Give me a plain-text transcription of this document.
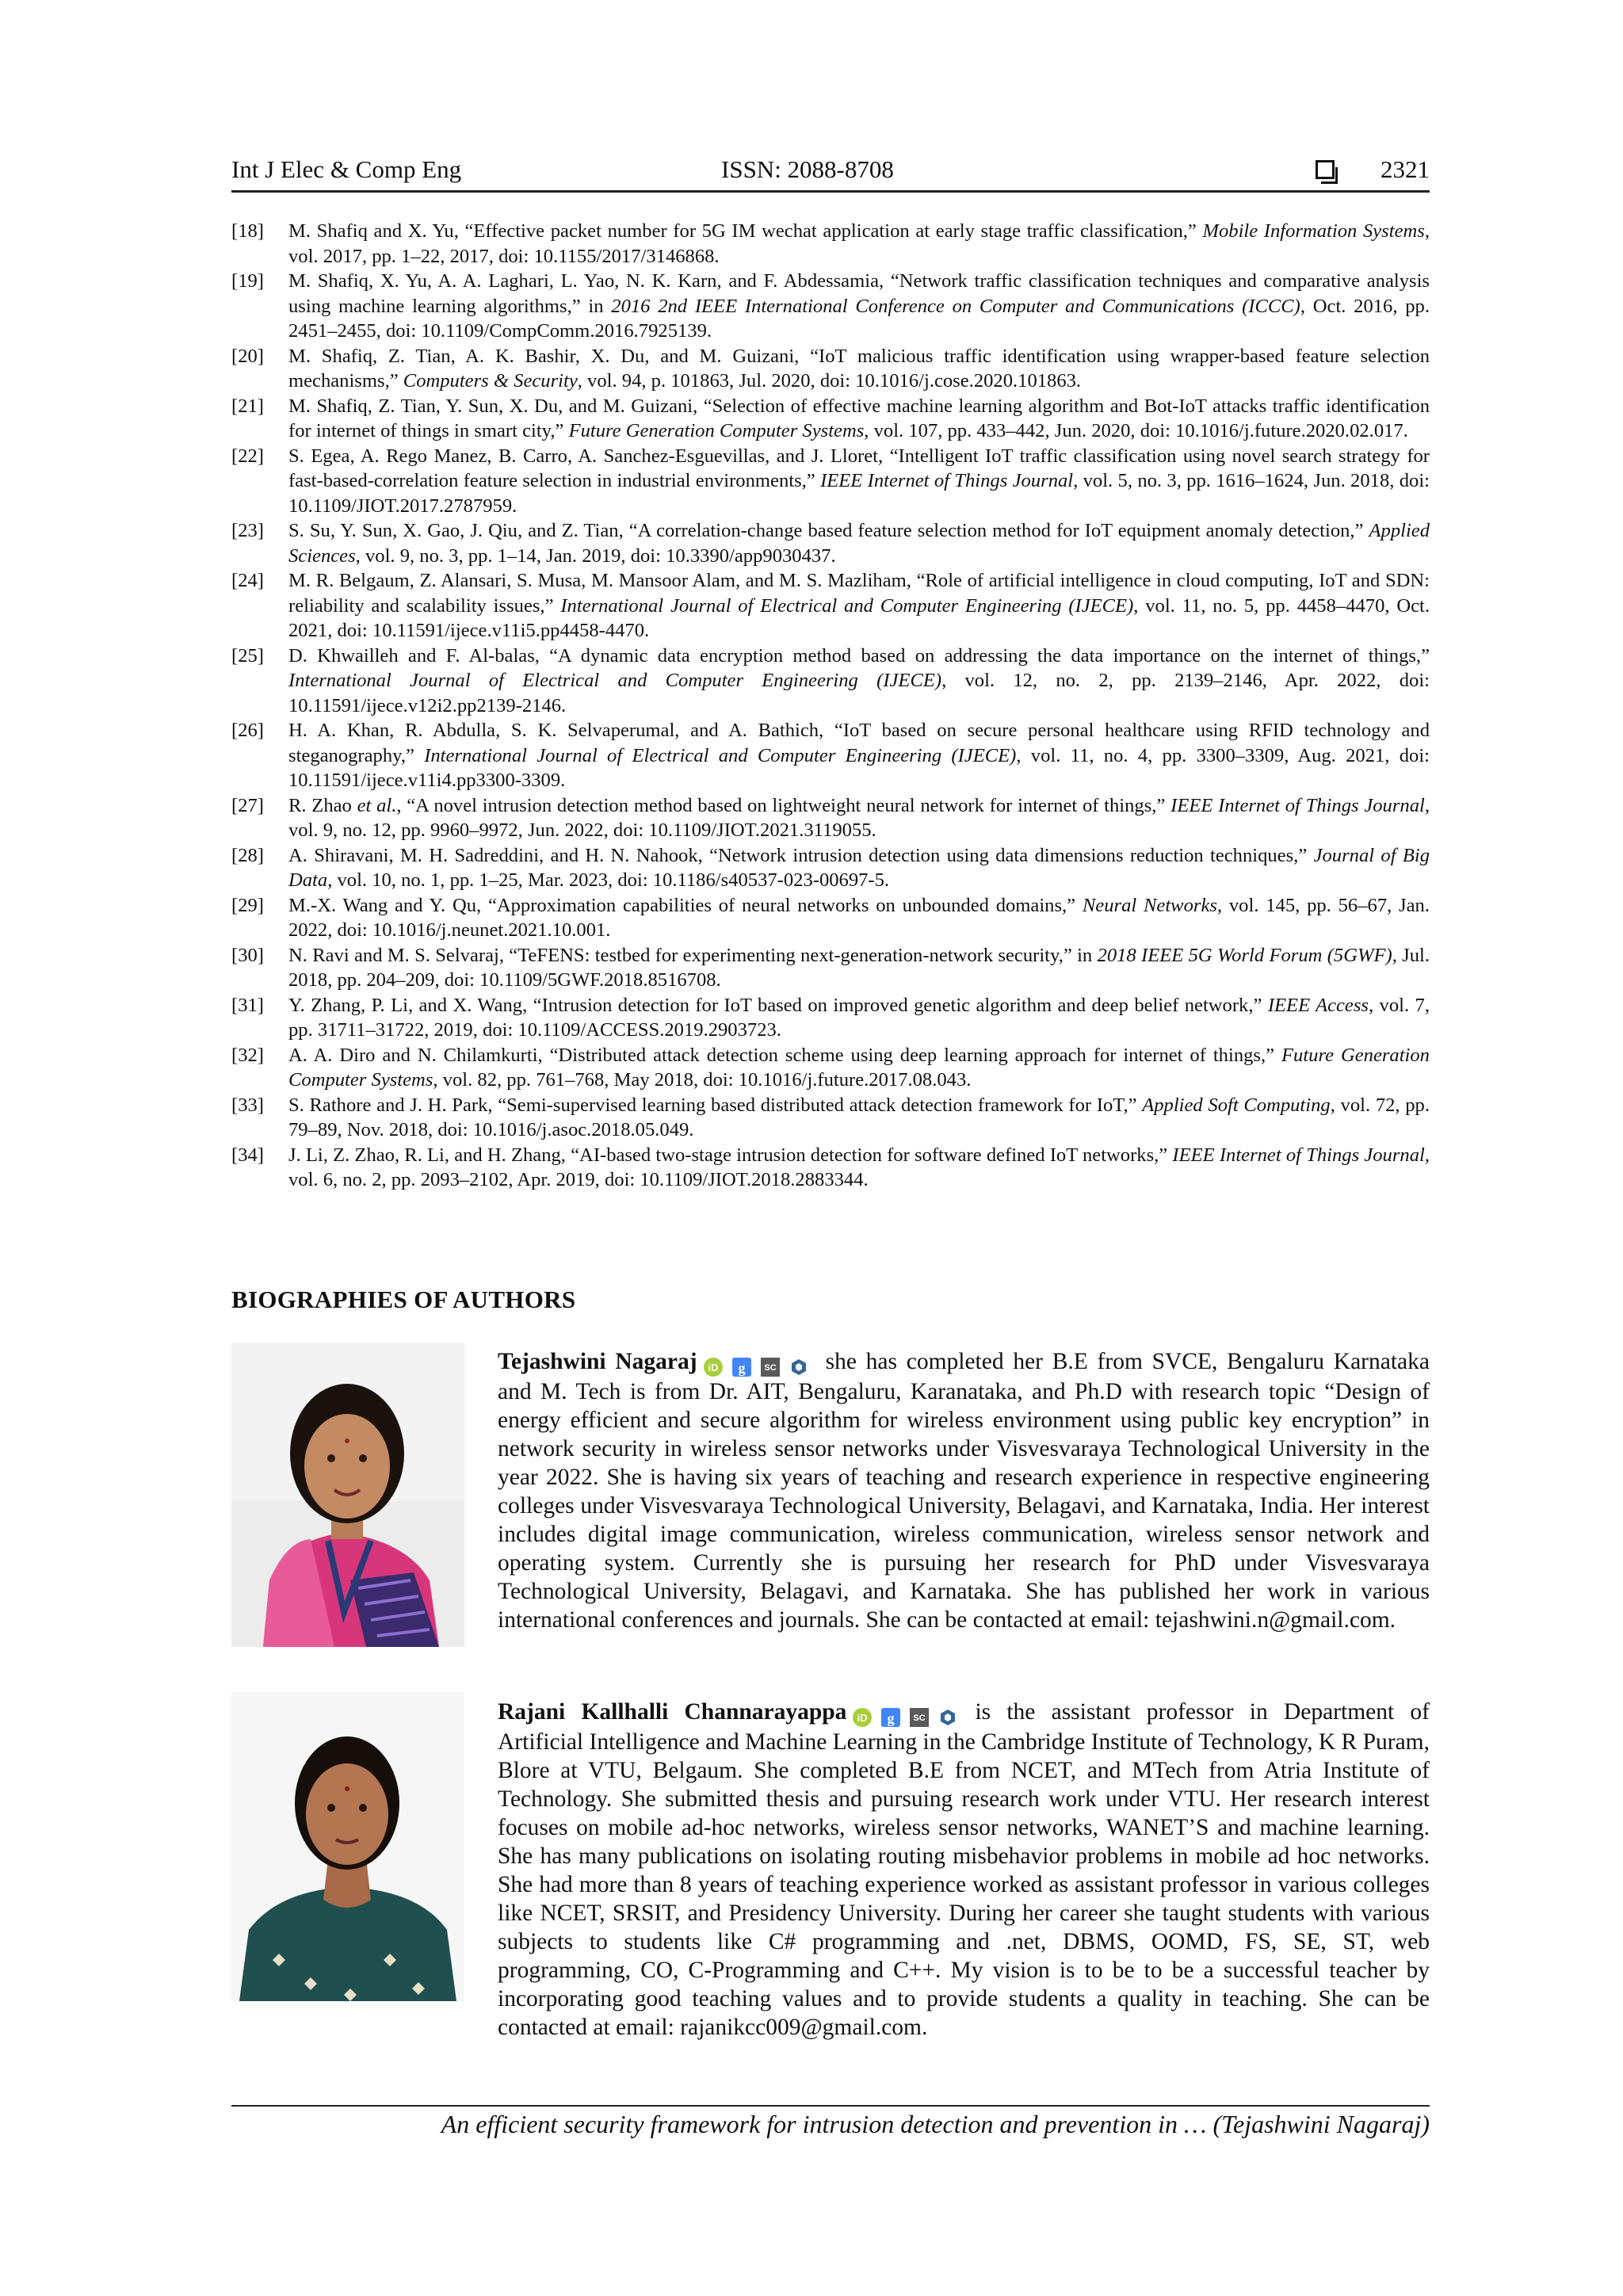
Int J Elec & Comp Eng	ISSN: 2088-8708	2321
[18]	M. Shafiq and X. Yu, “Effective packet number for 5G IM wechat application at early stage traffic classification,” Mobile Information Systems, vol. 2017, pp. 1–22, 2017, doi: 10.1155/2017/3146868.
[19]	M. Shafiq, X. Yu, A. A. Laghari, L. Yao, N. K. Karn, and F. Abdessamia, “Network traffic classification techniques and comparative analysis using machine learning algorithms,” in 2016 2nd IEEE International Conference on Computer and Communications (ICCC), Oct. 2016, pp. 2451–2455, doi: 10.1109/CompComm.2016.7925139.
[20]	M. Shafiq, Z. Tian, A. K. Bashir, X. Du, and M. Guizani, “IoT malicious traffic identification using wrapper-based feature selection mechanisms,” Computers & Security, vol. 94, p. 101863, Jul. 2020, doi: 10.1016/j.cose.2020.101863.
[21]	M. Shafiq, Z. Tian, Y. Sun, X. Du, and M. Guizani, “Selection of effective machine learning algorithm and Bot-IoT attacks traffic identification for internet of things in smart city,” Future Generation Computer Systems, vol. 107, pp. 433–442, Jun. 2020, doi: 10.1016/j.future.2020.02.017.
[22]	S. Egea, A. Rego Manez, B. Carro, A. Sanchez-Esguevillas, and J. Lloret, “Intelligent IoT traffic classification using novel search strategy for fast-based-correlation feature selection in industrial environments,” IEEE Internet of Things Journal, vol. 5, no. 3, pp. 1616–1624, Jun. 2018, doi: 10.1109/JIOT.2017.2787959.
[23]	S. Su, Y. Sun, X. Gao, J. Qiu, and Z. Tian, “A correlation-change based feature selection method for IoT equipment anomaly detection,” Applied Sciences, vol. 9, no. 3, pp. 1–14, Jan. 2019, doi: 10.3390/app9030437.
[24]	M. R. Belgaum, Z. Alansari, S. Musa, M. Mansoor Alam, and M. S. Mazliham, “Role of artificial intelligence in cloud computing, IoT and SDN: reliability and scalability issues,” International Journal of Electrical and Computer Engineering (IJECE), vol. 11, no. 5, pp. 4458–4470, Oct. 2021, doi: 10.11591/ijece.v11i5.pp4458-4470.
[25]	D. Khwailleh and F. Al-balas, “A dynamic data encryption method based on addressing the data importance on the internet of things,” International Journal of Electrical and Computer Engineering (IJECE), vol. 12, no. 2, pp. 2139–2146, Apr. 2022, doi: 10.11591/ijece.v12i2.pp2139-2146.
[26]	H. A. Khan, R. Abdulla, S. K. Selvaperumal, and A. Bathich, “IoT based on secure personal healthcare using RFID technology and steganography,” International Journal of Electrical and Computer Engineering (IJECE), vol. 11, no. 4, pp. 3300–3309, Aug. 2021, doi: 10.11591/ijece.v11i4.pp3300-3309.
[27]	R. Zhao et al., “A novel intrusion detection method based on lightweight neural network for internet of things,” IEEE Internet of Things Journal, vol. 9, no. 12, pp. 9960–9972, Jun. 2022, doi: 10.1109/JIOT.2021.3119055.
[28]	A. Shiravani, M. H. Sadreddini, and H. N. Nahook, “Network intrusion detection using data dimensions reduction techniques,” Journal of Big Data, vol. 10, no. 1, pp. 1–25, Mar. 2023, doi: 10.1186/s40537-023-00697-5.
[29]	M.-X. Wang and Y. Qu, “Approximation capabilities of neural networks on unbounded domains,” Neural Networks, vol. 145, pp. 56–67, Jan. 2022, doi: 10.1016/j.neunet.2021.10.001.
[30]	N. Ravi and M. S. Selvaraj, “TeFENS: testbed for experimenting next-generation-network security,” in 2018 IEEE 5G World Forum (5GWF), Jul. 2018, pp. 204–209, doi: 10.1109/5GWF.2018.8516708.
[31]	Y. Zhang, P. Li, and X. Wang, “Intrusion detection for IoT based on improved genetic algorithm and deep belief network,” IEEE Access, vol. 7, pp. 31711–31722, 2019, doi: 10.1109/ACCESS.2019.2903723.
[32]	A. A. Diro and N. Chilamkurti, “Distributed attack detection scheme using deep learning approach for internet of things,” Future Generation Computer Systems, vol. 82, pp. 761–768, May 2018, doi: 10.1016/j.future.2017.08.043.
[33]	S. Rathore and J. H. Park, “Semi-supervised learning based distributed attack detection framework for IoT,” Applied Soft Computing, vol. 72, pp. 79–89, Nov. 2018, doi: 10.1016/j.asoc.2018.05.049.
[34]	J. Li, Z. Zhao, R. Li, and H. Zhang, “AI-based two-stage intrusion detection for software defined IoT networks,” IEEE Internet of Things Journal, vol. 6, no. 2, pp. 2093–2102, Apr. 2019, doi: 10.1109/JIOT.2018.2883344.
BIOGRAPHIES OF AUTHORS
Tejashwini Nagaraj iD g SC she has completed her B.E from SVCE, Bengaluru Karnataka and M. Tech is from Dr. AIT, Bengaluru, Karanataka, and Ph.D with research topic “Design of energy efficient and secure algorithm for wireless environment using public key encryption” in network security in wireless sensor networks under Visvesvaraya Technological University in the year 2022. She is having six years of teaching and research experience in respective engineering colleges under Visvesvaraya Technological University, Belagavi, and Karnataka, India. Her interest includes digital image communication, wireless communication, wireless sensor network and operating system. Currently she is pursuing her research for PhD under Visvesvaraya Technological University, Belagavi, and Karnataka. She has published her work in various international conferences and journals. She can be contacted at email: tejashwini.n@gmail.com.
Rajani Kallhalli Channarayappa iD g SC is the assistant professor in Department of Artificial Intelligence and Machine Learning in the Cambridge Institute of Technology, K R Puram, Blore at VTU, Belgaum. She completed B.E from NCET, and MTech from Atria Institute of Technology. She submitted thesis and pursuing research work under VTU. Her research interest focuses on mobile ad-hoc networks, wireless sensor networks, WANET’S and machine learning. She has many publications on isolating routing misbehavior problems in mobile ad hoc networks. She had more than 8 years of teaching experience worked as assistant professor in various colleges like NCET, SRSIT, and Presidency University. During her career she taught students with various subjects to students like C# programming and .net, DBMS, OOMD, FS, SE, ST, web programming, CO, C-Programming and C++. My vision is to be to be a successful teacher by incorporating good teaching values and to provide students a quality in teaching. She can be contacted at email: rajanikcc009@gmail.com.
An efficient security framework for intrusion detection and prevention in … (Tejashwini Nagaraj)
